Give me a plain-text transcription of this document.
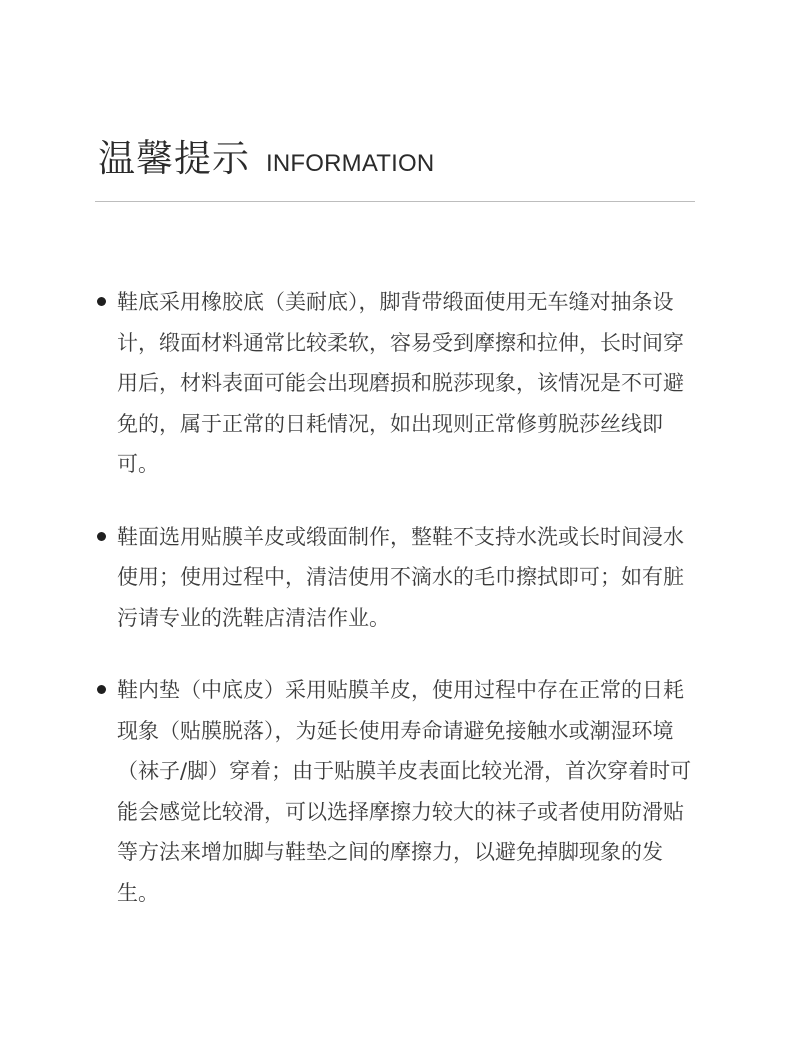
温馨提示 INFORMATION
鞋底采用橡胶底（美耐底），脚背带缎面使用无车缝对抽条设计，缎面材料通常比较柔软，容易受到摩擦和拉伸，长时间穿用后，材料表面可能会出现磨损和脱莎现象，该情况是不可避免的，属于正常的日耗情况，如出现则正常修剪脱莎丝线即可。
鞋面选用贴膜羊皮或缎面制作，整鞋不支持水洗或长时间浸水使用；使用过程中，清洁使用不滴水的毛巾擦拭即可；如有脏污请专业的洗鞋店清洁作业。
鞋内垫（中底皮）采用贴膜羊皮，使用过程中存在正常的日耗现象（贴膜脱落），为延长使用寿命请避免接触水或潮湿环境（袜子/脚）穿着；由于贴膜羊皮表面比较光滑，首次穿着时可能会感觉比较滑，可以选择摩擦力较大的袜子或者使用防滑贴等方法来增加脚与鞋垫之间的摩擦力，以避免掉脚现象的发生。
